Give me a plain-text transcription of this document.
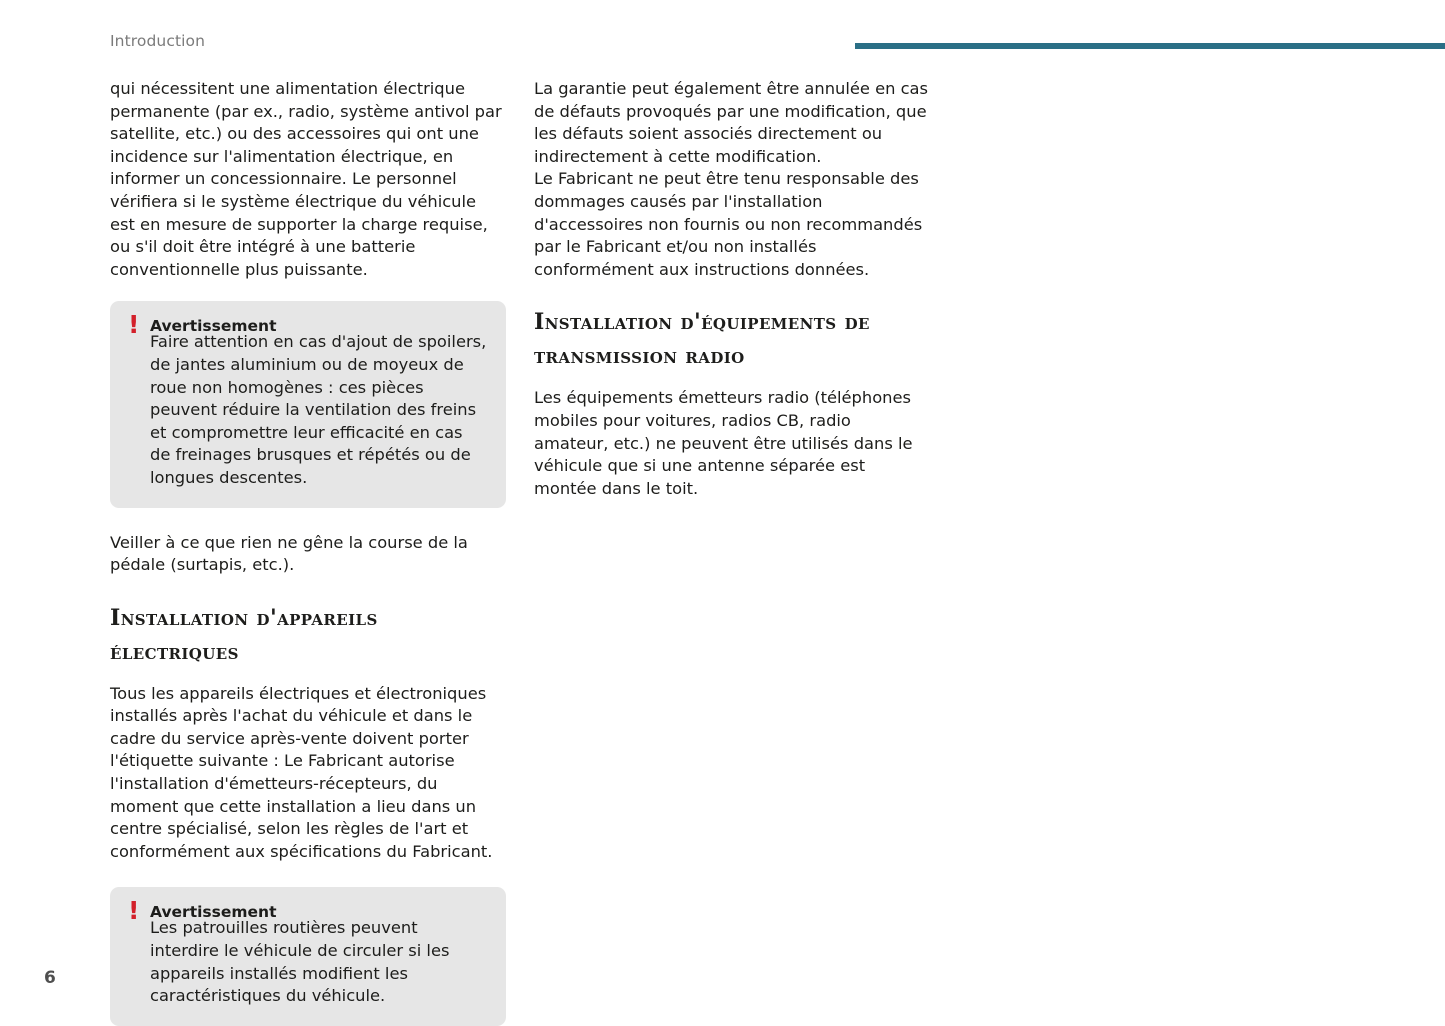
Introduction

qui nécessitent une alimentation électrique permanente (par ex., radio, système antivol par satellite, etc.) ou des accessoires qui ont une incidence sur l'alimentation électrique, en informer un concessionnaire. Le personnel vérifiera si le système électrique du véhicule est en mesure de supporter la charge requise, ou s'il doit être intégré à une batterie conventionnelle plus puissante.

! Avertissement
Faire attention en cas d'ajout de spoilers, de jantes aluminium ou de moyeux de roue non homogènes : ces pièces peuvent réduire la ventilation des freins et compromettre leur efficacité en cas de freinages brusques et répétés ou de longues descentes.

Veiller à ce que rien ne gêne la course de la pédale (surtapis, etc.).

Installation d'appareils électriques

Tous les appareils électriques et électroniques installés après l'achat du véhicule et dans le cadre du service après-vente doivent porter l'étiquette suivante : Le Fabricant autorise l'installation d'émetteurs-récepteurs, du moment que cette installation a lieu dans un centre spécialisé, selon les règles de l'art et conformément aux spécifications du Fabricant.

! Avertissement
Les patrouilles routières peuvent interdire le véhicule de circuler si les appareils installés modifient les caractéristiques du véhicule.

La garantie peut également être annulée en cas de défauts provoqués par une modification, que les défauts soient associés directement ou indirectement à cette modification.

Le Fabricant ne peut être tenu responsable des dommages causés par l'installation d'accessoires non fournis ou non recommandés par le Fabricant et/ou non installés conformément aux instructions données.

Installation d'équipements de transmission radio

Les équipements émetteurs radio (téléphones mobiles pour voitures, radios CB, radio amateur, etc.) ne peuvent être utilisés dans le véhicule que si une antenne séparée est montée dans le toit.

6
